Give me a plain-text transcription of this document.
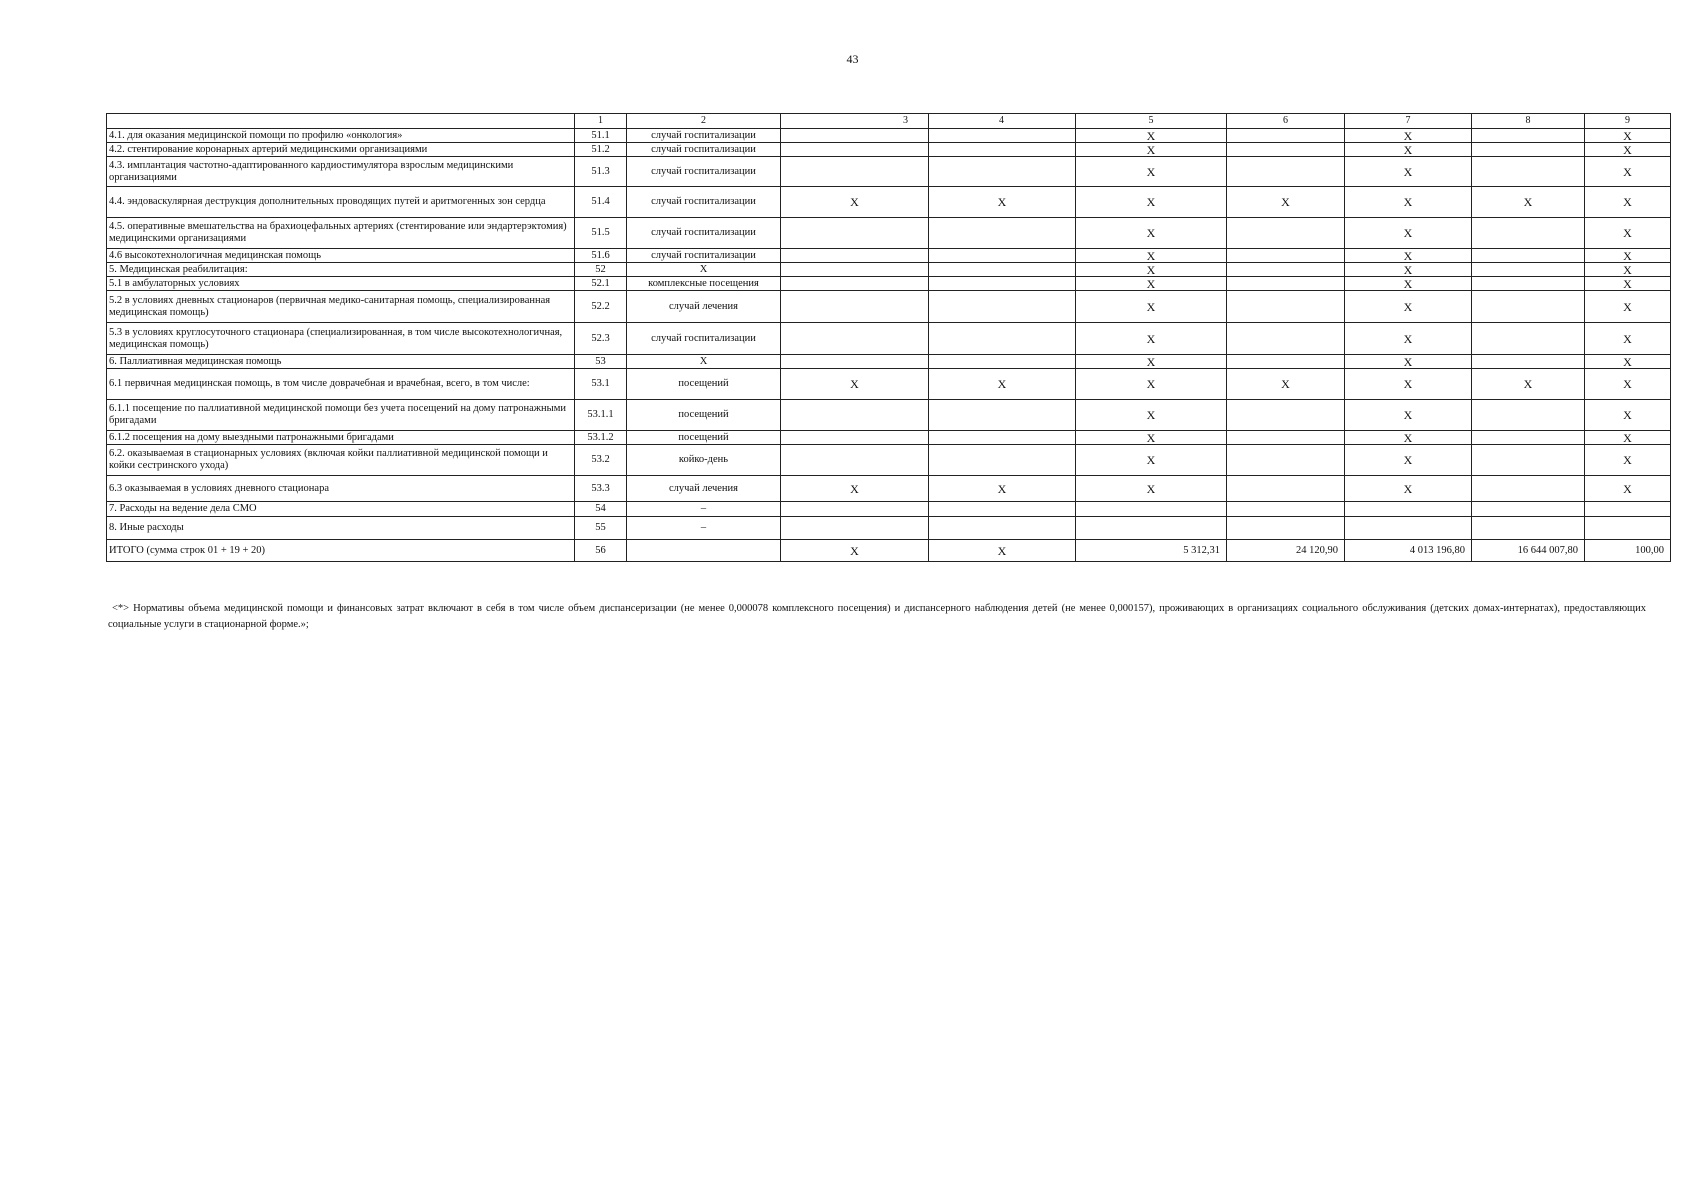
43
	1	2	3	4	5	6	7	8	9
4.1. для оказания медицинской помощи по профилю «онкология»	51.1	случай госпитализации			X		X		X
4.2. стентирование коронарных артерий медицинскими организациями	51.2	случай госпитализации			X		X		X
4.3. имплантация частотно-адаптированного кардиостимулятора взрослым медицинскими организациями	51.3	случай госпитализации			X		X		X
4.4. эндоваскулярная деструкция дополнительных проводящих путей и аритмогенных зон сердца	51.4	случай госпитализации	X	X	X	X	X	X	X
4.5. оперативные вмешательства на брахиоцефальных артериях (стентирование или эндартерэктомия) медицинскими организациями	51.5	случай госпитализации			X		X		X
4.6 высокотехнологичная медицинская помощь	51.6	случай госпитализации			X		X		X
5. Медицинская реабилитация:	52	X			X		X		X
5.1 в амбулаторных условиях	52.1	комплексные посещения			X		X		X
5.2 в условиях дневных стационаров (первичная медико-санитарная помощь, специализированная медицинская помощь)	52.2	случай лечения			X		X		X
5.3 в условиях круглосуточного стационара (специализированная, в том числе высокотехнологичная, медицинская помощь)	52.3	случай госпитализации			X		X		X
6. Паллиативная медицинская помощь	53	X			X		X		X
6.1 первичная медицинская помощь, в том числе доврачебная и врачебная, всего, в том числе:	53.1	посещений	X	X	X	X	X	X	X
6.1.1 посещение по паллиативной медицинской помощи без учета посещений на дому патронажными бригадами	53.1.1	посещений			X		X		X
6.1.2 посещения на дому выездными патронажными бригадами	53.1.2	посещений			X		X		X
6.2. оказываемая в стационарных условиях (включая койки паллиативной медицинской помощи и койки сестринского ухода)	53.2	койко-день			X		X		X
6.3 оказываемая в условиях дневного стационара	53.3	случай лечения	X	X	X		X		X
7. Расходы на ведение дела СМО	54	–							
8. Иные расходы	55	–							
ИТОГО (сумма строк 01 + 19 + 20)	56		X	X	5 312,31	24 120,90	4 013 196,80	16 644 007,80	100,00
<*> Нормативы объема медицинской помощи и финансовых затрат включают в себя в том числе объем диспансеризации (не менее 0,000078 комплексного посещения) и диспансерного наблюдения детей (не менее 0,000157), проживающих в организациях социального обслуживания (детских домах-интернатах), предоставляющих социальные услуги в стационарной форме.»;
